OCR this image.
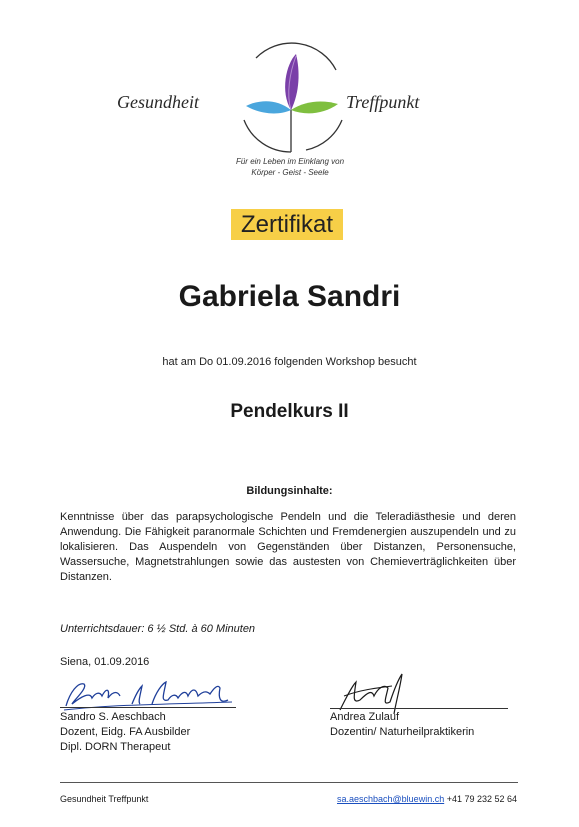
Gesundheit	Treffpunkt
Für ein Leben im Einklang von
Körper - Geist - Seele
Zertifikat
Gabriela Sandri
hat am Do 01.09.2016 folgenden Workshop besucht
Pendelkurs II
Bildungsinhalte:
Kenntnisse über das parapsychologische Pendeln und die Teleradiästhesie und deren Anwendung. Die Fähigkeit paranormale Schichten und Fremdenergien auszupendeln und zu lokalisieren. Das Auspendeln von Gegenständen über Distanzen, Personensuche, Wassersuche, Magnetstrahlungen sowie das austesten von Chemieverträglichkeiten über Distanzen.
Unterrichtsdauer: 6 ½ Std. à 60 Minuten
Siena, 01.09.2016
Sandro S. Aeschbach
Dozent, Eidg. FA Ausbilder
Dipl. DORN Therapeut
Andrea Zulauf
Dozentin/ Naturheilpraktikerin
Gesundheit Treffpunkt	sa.aeschbach@bluewin.ch +41 79 232 52 64
